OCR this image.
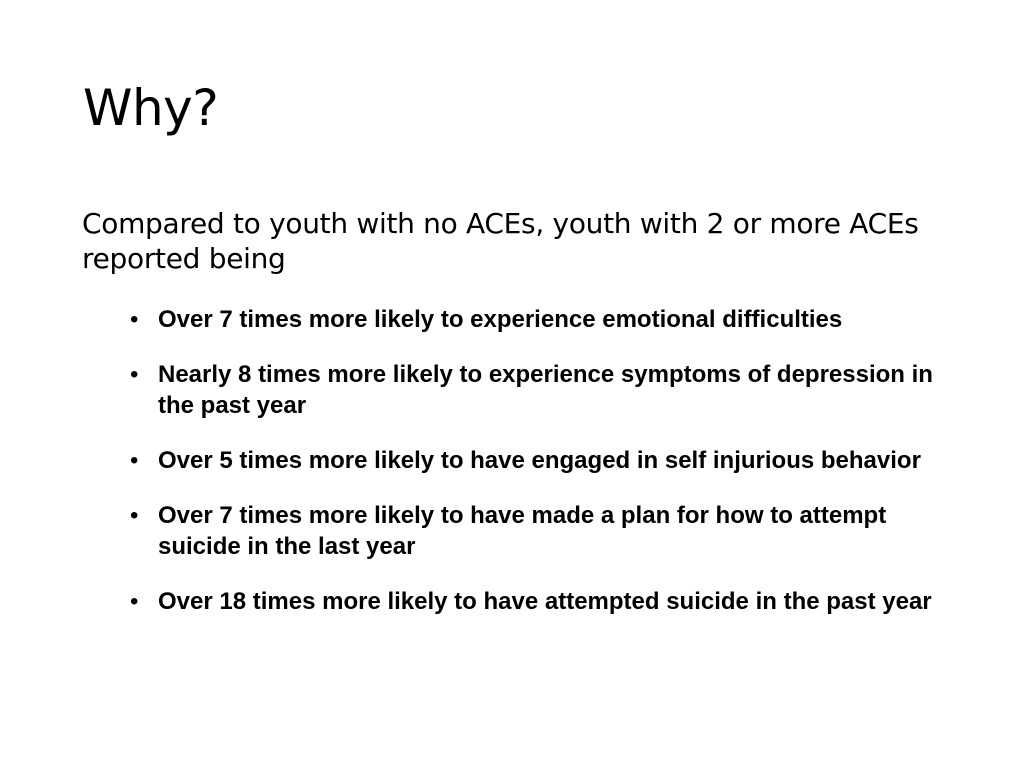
Why?

Compared to youth with no ACEs, youth with 2 or more ACEs reported being

• Over 7 times more likely to experience emotional difficulties
• Nearly 8 times more likely to experience symptoms of depression in the past year
• Over 5 times more likely to have engaged in self injurious behavior
• Over 7 times more likely to have made a plan for how to attempt suicide in the last year
• Over 18 times more likely to have attempted suicide in the past year
